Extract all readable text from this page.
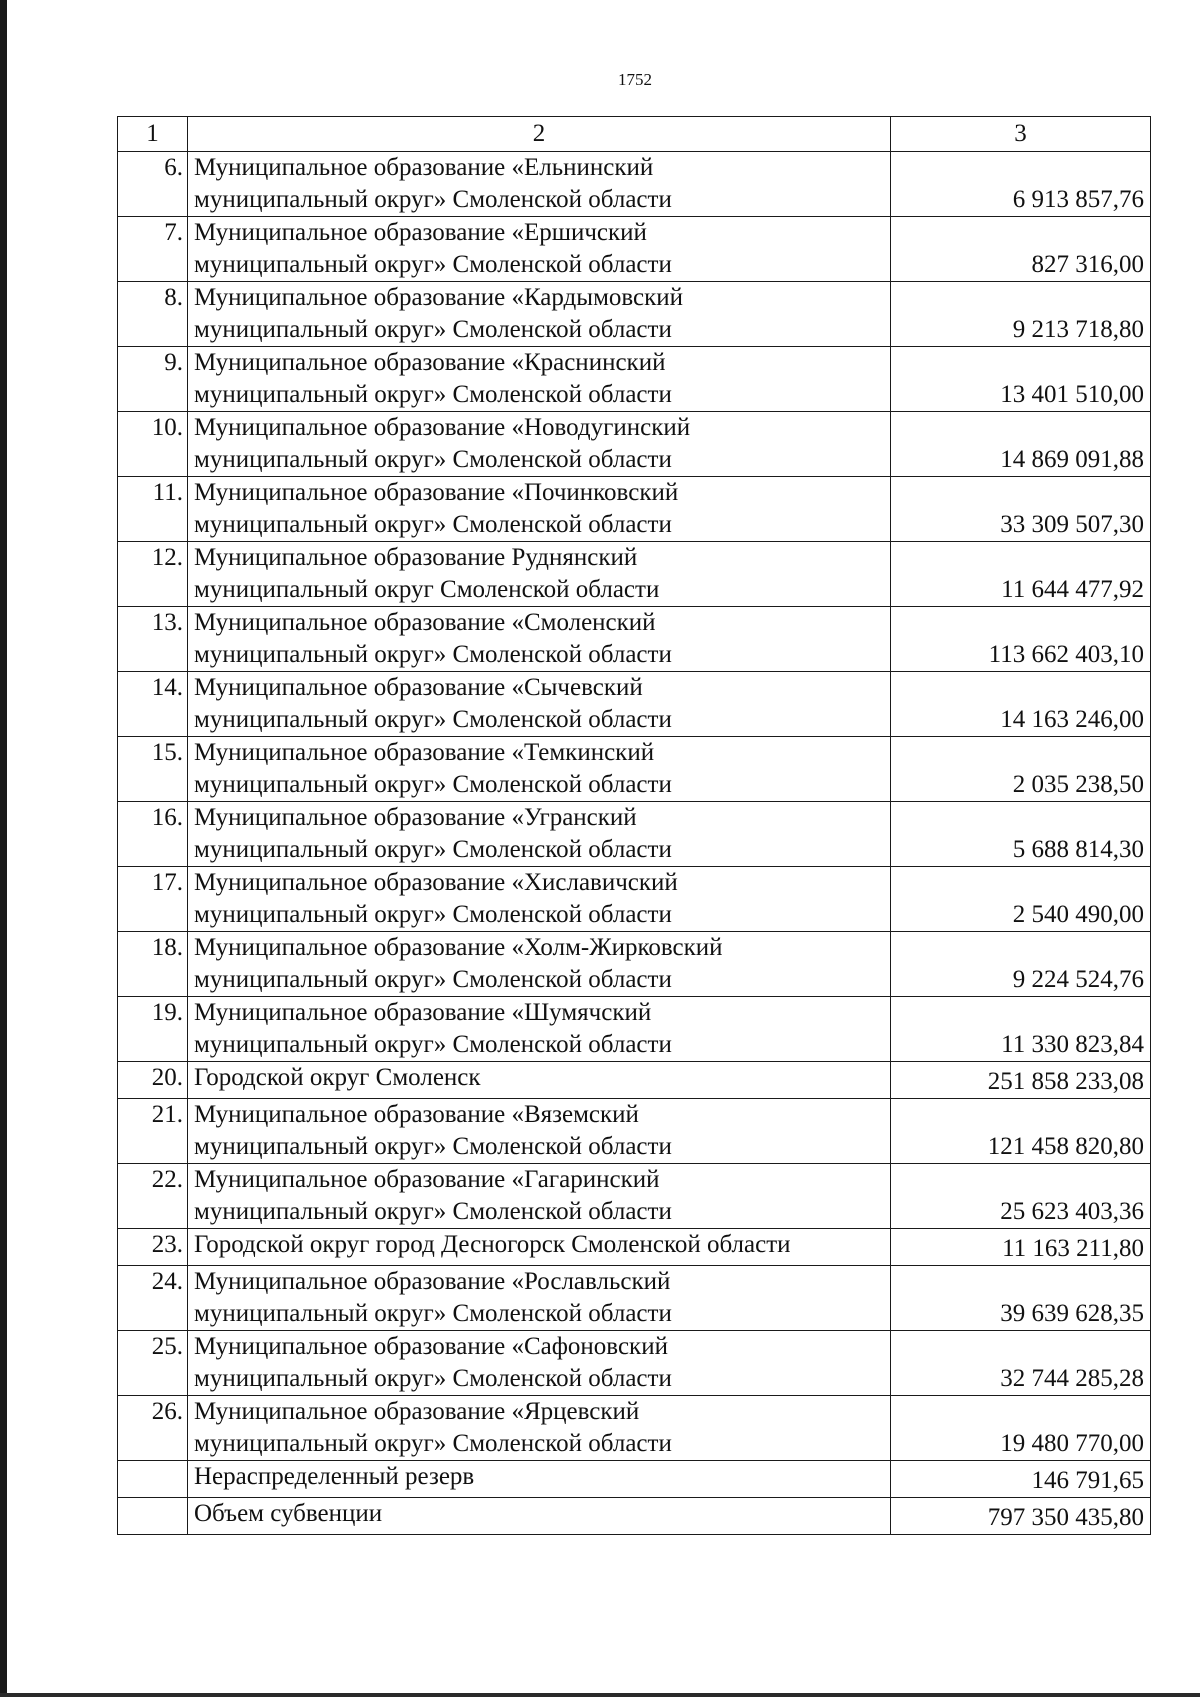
1752
1	2	3
6.	Муниципальное образование «Ельнинский
муниципальный округ» Смоленской области	6 913 857,76
7.	Муниципальное образование «Ершичский
муниципальный округ» Смоленской области	827 316,00
8.	Муниципальное образование «Кардымовский
муниципальный округ» Смоленской области	9 213 718,80
9.	Муниципальное образование «Краснинский
муниципальный округ» Смоленской области	13 401 510,00
10.	Муниципальное образование «Новодугинский
муниципальный округ» Смоленской области	14 869 091,88
11.	Муниципальное образование «Починковский
муниципальный округ» Смоленской области	33 309 507,30
12.	Муниципальное образование Руднянский
муниципальный округ Смоленской области	11 644 477,92
13.	Муниципальное образование «Смоленский
муниципальный округ» Смоленской области	113 662 403,10
14.	Муниципальное образование «Сычевский
муниципальный округ» Смоленской области	14 163 246,00
15.	Муниципальное образование «Темкинский
муниципальный округ» Смоленской области	2 035 238,50
16.	Муниципальное образование «Угранский
муниципальный округ» Смоленской области	5 688 814,30
17.	Муниципальное образование «Хиславичский
муниципальный округ» Смоленской области	2 540 490,00
18.	Муниципальное образование «Холм-Жирковский
муниципальный округ» Смоленской области	9 224 524,76
19.	Муниципальное образование «Шумячский
муниципальный округ» Смоленской области	11 330 823,84
20.	Городской округ Смоленск	251 858 233,08
21.	Муниципальное образование «Вяземский
муниципальный округ» Смоленской области	121 458 820,80
22.	Муниципальное образование «Гагаринский
муниципальный округ» Смоленской области	25 623 403,36
23.	Городской округ город Десногорск Смоленской области	11 163 211,80
24.	Муниципальное образование «Рославльский
муниципальный округ» Смоленской области	39 639 628,35
25.	Муниципальное образование «Сафоновский
муниципальный округ» Смоленской области	32 744 285,28
26.	Муниципальное образование «Ярцевский
муниципальный округ» Смоленской области	19 480 770,00

	Нераспределенный резерв	146 791,65

	Объем субвенции	797 350 435,80
